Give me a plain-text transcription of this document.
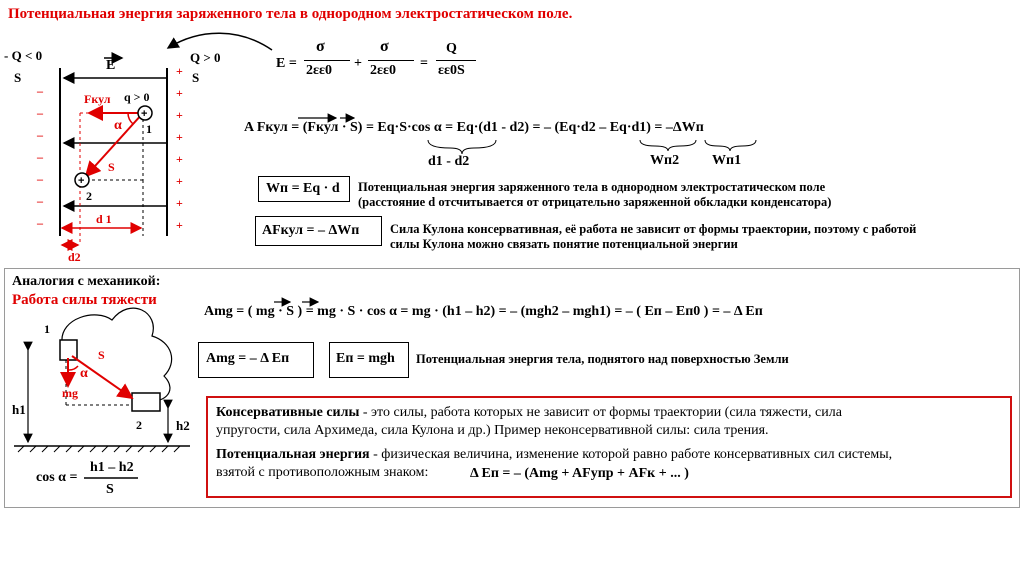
Потенциальная энергия заряженного тела в однородном электростатическом поле.
+
+
- Q < 0
S
Q > 0
S
E
Fкул q > 0
α 1
2
S
d 1
d2
–
–
–
–
–
–
–
+
+
+
+
+
+
+
+
E =
σ
2εε0 +
σ
2εε0 =
Q
εε0S
A Fкул = (Fкул · S) = Eq·S·cos α = Eq·(d1 - d2) = – (Eq·d2 – Eq·d1) = –ΔWп
d1 - d2	Wп2 Wп1
Wп = Eq · d Потенциальная энергия заряженного тела в однородном электростатическом поле
(расстояние d отсчитывается от отрицательно заряженной обкладки конденсатора)
AFкул = – ΔWп Сила Кулона консервативная, её работа не зависит от формы траектории, поэтому с работой
силы Кулона можно связать понятие потенциальной энергии
Аналогия с механикой:
Работа силы тяжести
1
2
S
mg
α
h1
h2
cos α =
h1 – h2
S
Amg = ( mg · S ) = mg · S · cos α = mg · (h1 – h2) = – (mgh2 – mgh1) = – ( Eп – Eп0 ) = – Δ Eп
Amg = – Δ Eп	Eп = mgh Потенциальная энергия тела, поднятого над поверхностью Земли
Консервативные силы - это силы, работа которых не зависит от формы траектории (сила тяжести, сила
упругости, сила Архимеда, сила Кулона и др.) Пример неконсервативной силы: сила трения.
Потенциальная энергия - физическая величина, изменение которой равно работе консервативных сил системы,
взятой с противоположным знаком:	Δ Eп = – (Amg + AFупр + AFк + ... )
